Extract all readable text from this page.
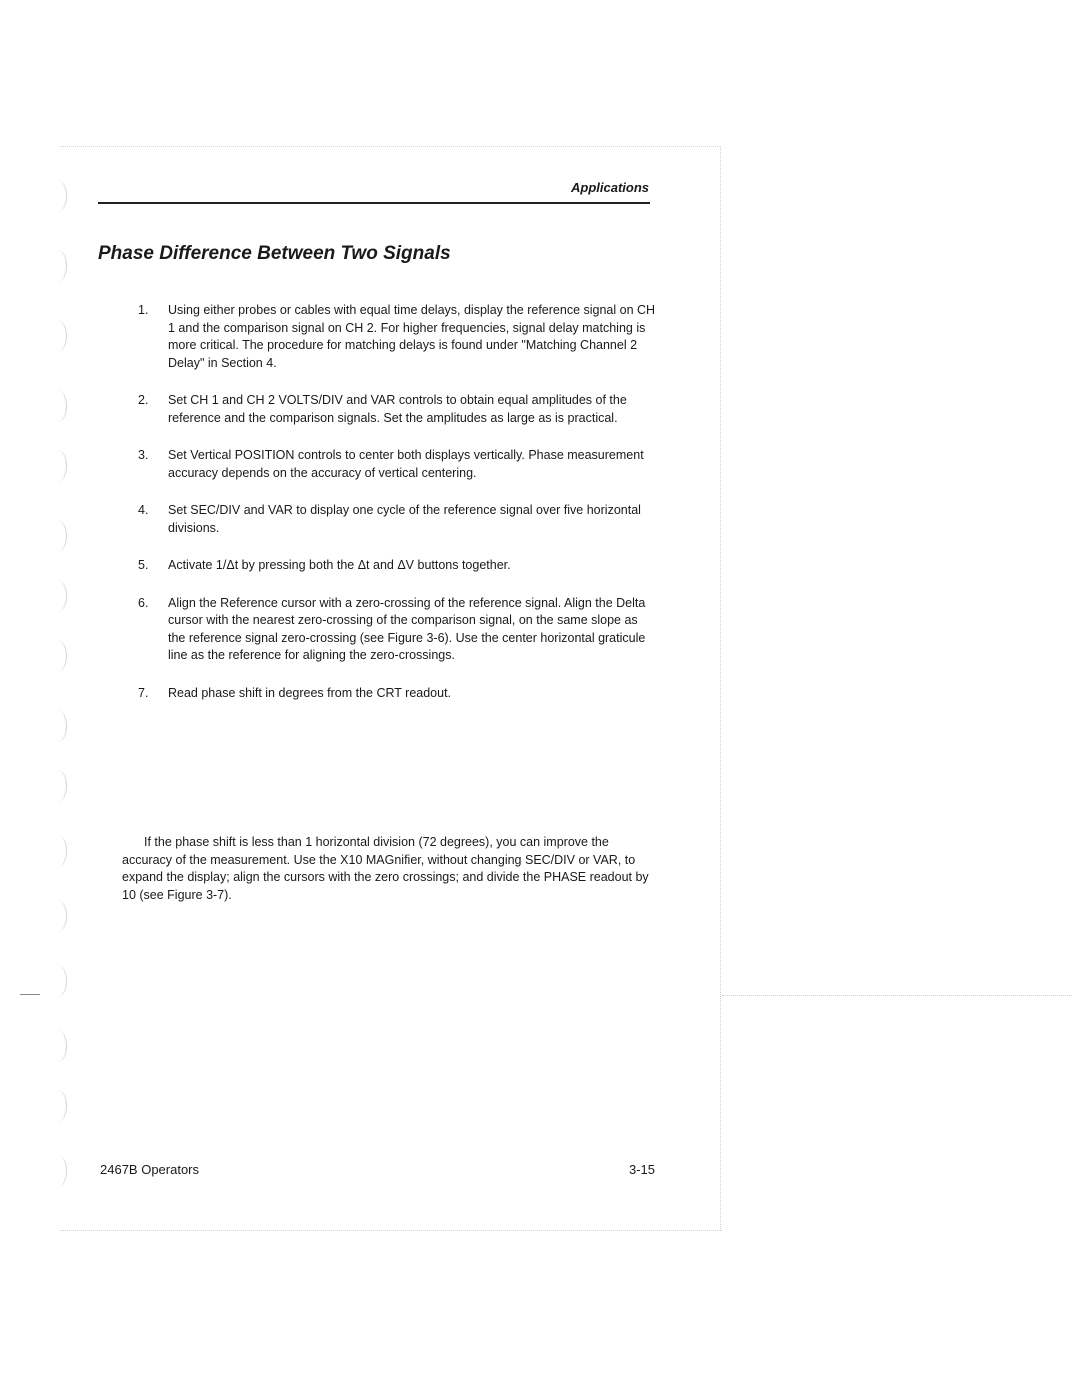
Applications
Phase Difference Between Two Signals
1. Using either probes or cables with equal time delays, display the reference signal on CH 1 and the comparison signal on CH 2. For higher frequencies, signal delay matching is more critical. The procedure for matching delays is found under "Matching Channel 2 Delay" in Section 4.
2. Set CH 1 and CH 2 VOLTS/DIV and VAR controls to obtain equal amplitudes of the reference and the comparison signals. Set the amplitudes as large as is practical.
3. Set Vertical POSITION controls to center both displays vertically. Phase measurement accuracy depends on the accuracy of vertical centering.
4. Set SEC/DIV and VAR to display one cycle of the reference signal over five horizontal divisions.
5. Activate 1/Δt by pressing both the Δt and ΔV buttons together.
6. Align the Reference cursor with a zero-crossing of the reference signal. Align the Delta cursor with the nearest zero-crossing of the comparison signal, on the same slope as the reference signal zero-crossing (see Figure 3-6). Use the center horizontal graticule line as the reference for aligning the zero-crossings.
7. Read phase shift in degrees from the CRT readout.

If the phase shift is less than 1 horizontal division (72 degrees), you can improve the accuracy of the measurement. Use the X10 MAGnifier, without changing SEC/DIV or VAR, to expand the display; align the cursors with the zero crossings; and divide the PHASE readout by 10 (see Figure 3-7).

2467B Operators	3-15
